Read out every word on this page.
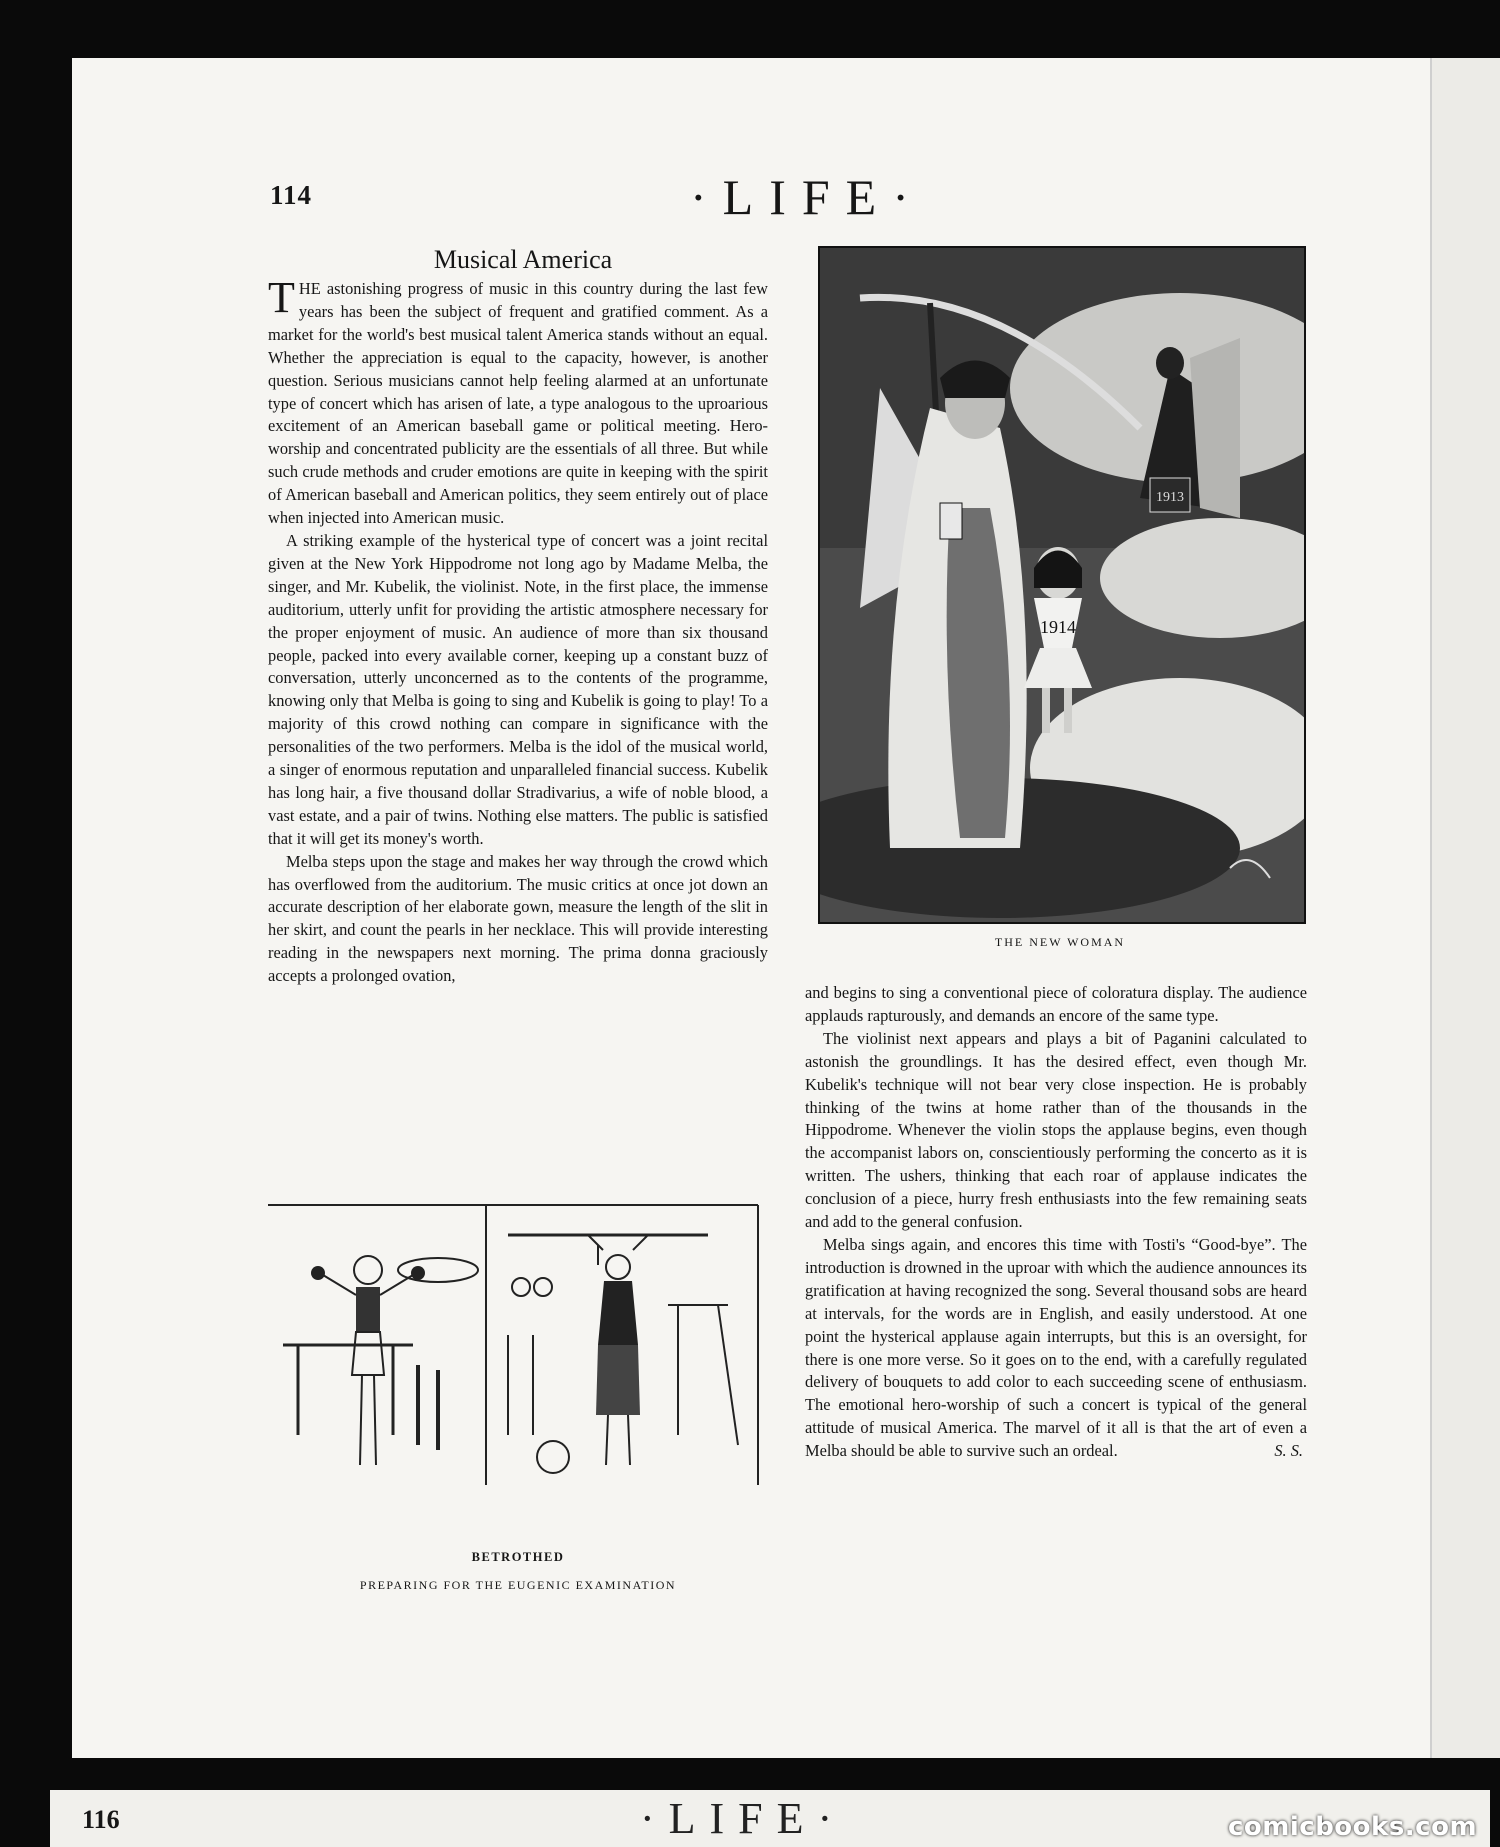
114	·LIFE·
Musical America

THE astonishing progress of music in this country during the last few years has been the subject of frequent and gratified comment. As a market for the world's best musical talent America stands without an equal. Whether the appreciation is equal to the capacity, however, is another question. Serious musicians cannot help feeling alarmed at an unfortunate type of concert which has arisen of late, a type analogous to the uproarious excitement of an American baseball game or political meeting. Hero-worship and concentrated publicity are the essentials of all three. But while such crude methods and cruder emotions are quite in keeping with the spirit of American baseball and American politics, they seem entirely out of place when injected into American music.

A striking example of the hysterical type of concert was a joint recital given at the New York Hippodrome not long ago by Madame Melba, the singer, and Mr. Kubelik, the violinist. Note, in the first place, the immense auditorium, utterly unfit for providing the artistic atmosphere necessary for the proper enjoyment of music. An audience of more than six thousand people, packed into every available corner, keeping up a constant buzz of conversation, utterly unconcerned as to the contents of the programme, knowing only that Melba is going to sing and Kubelik is going to play! To a majority of this crowd nothing can compare in significance with the personalities of the two performers. Melba is the idol of the musical world, a singer of enormous reputation and unparalleled financial success. Kubelik has long hair, a five thousand dollar Stradivarius, a wife of noble blood, a vast estate, and a pair of twins. Nothing else matters. The public is satisfied that it will get its money's worth.

Melba steps upon the stage and makes her way through the crowd which has overflowed from the auditorium. The music critics at once jot down an accurate description of her elaborate gown, measure the length of the slit in her skirt, and count the pearls in her necklace. This will provide interesting reading in the newspapers next morning. The prima donna graciously accepts a prolonged ovation,

1913
1914
THE NEW WOMAN
BETROTHED
PREPARING FOR THE EUGENIC EXAMINATION

and begins to sing a conventional piece of coloratura display. The audience applauds rapturously, and demands an encore of the same type.

The violinist next appears and plays a bit of Paganini calculated to astonish the groundlings. It has the desired effect, even though Mr. Kubelik's technique will not bear very close inspection. He is probably thinking of the twins at home rather than of the thousands in the Hippodrome. Whenever the violin stops the applause begins, even though the accompanist labors on, conscientiously performing the concerto as it is written. The ushers, thinking that each roar of applause indicates the conclusion of a piece, hurry fresh enthusiasts into the few remaining seats and add to the general confusion.

Melba sings again, and encores this time with Tosti's “Good-bye”. The introduction is drowned in the uproar with which the audience announces its gratification at having recognized the song. Several thousand sobs are heard at intervals, for the words are in English, and easily understood. At one point the hysterical applause again interrupts, but this is an oversight, for there is one more verse. So it goes on to the end, with a carefully regulated delivery of bouquets to add color to each succeeding scene of enthusiasm. The emotional hero-worship of such a concert is typical of the general attitude of musical America. The marvel of it all is that the art of even a Melba should be able to survive such an ordeal.	S. S.

116	·LIFE·	comicbooks.com
